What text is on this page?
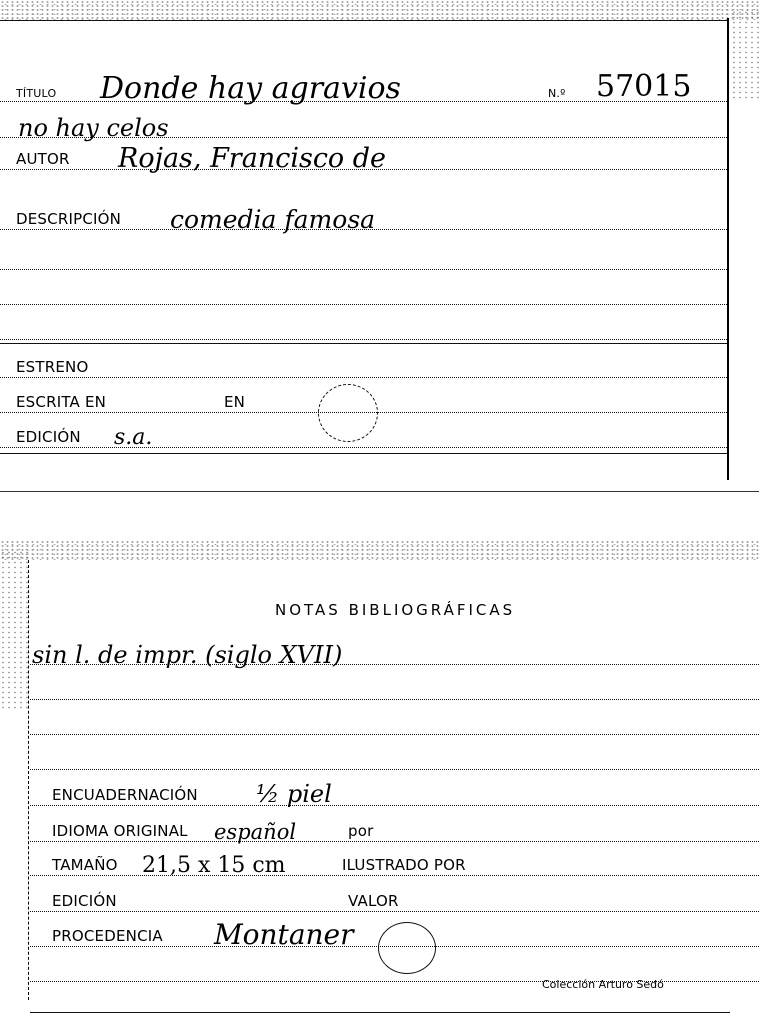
TÍTULO Donde hay agravios	N.º 57015
no hay celos
AUTOR Rojas, Francisco de
DESCRIPCIÓN comedia famosa
ESTRENO
ESCRITA EN	EN
EDICIÓN s.a.
NOTAS BIBLIOGRÁFICAS
sin l. de impr. (siglo XVII)
ENCUADERNACIÓN ½ piel
IDIOMA ORIGINAL español	por
TAMAÑO 21,5 x 15 cm	ILUSTRADO POR
EDICIÓN	VALOR
PROCEDENCIA Montaner
Colección Arturo Sedó
